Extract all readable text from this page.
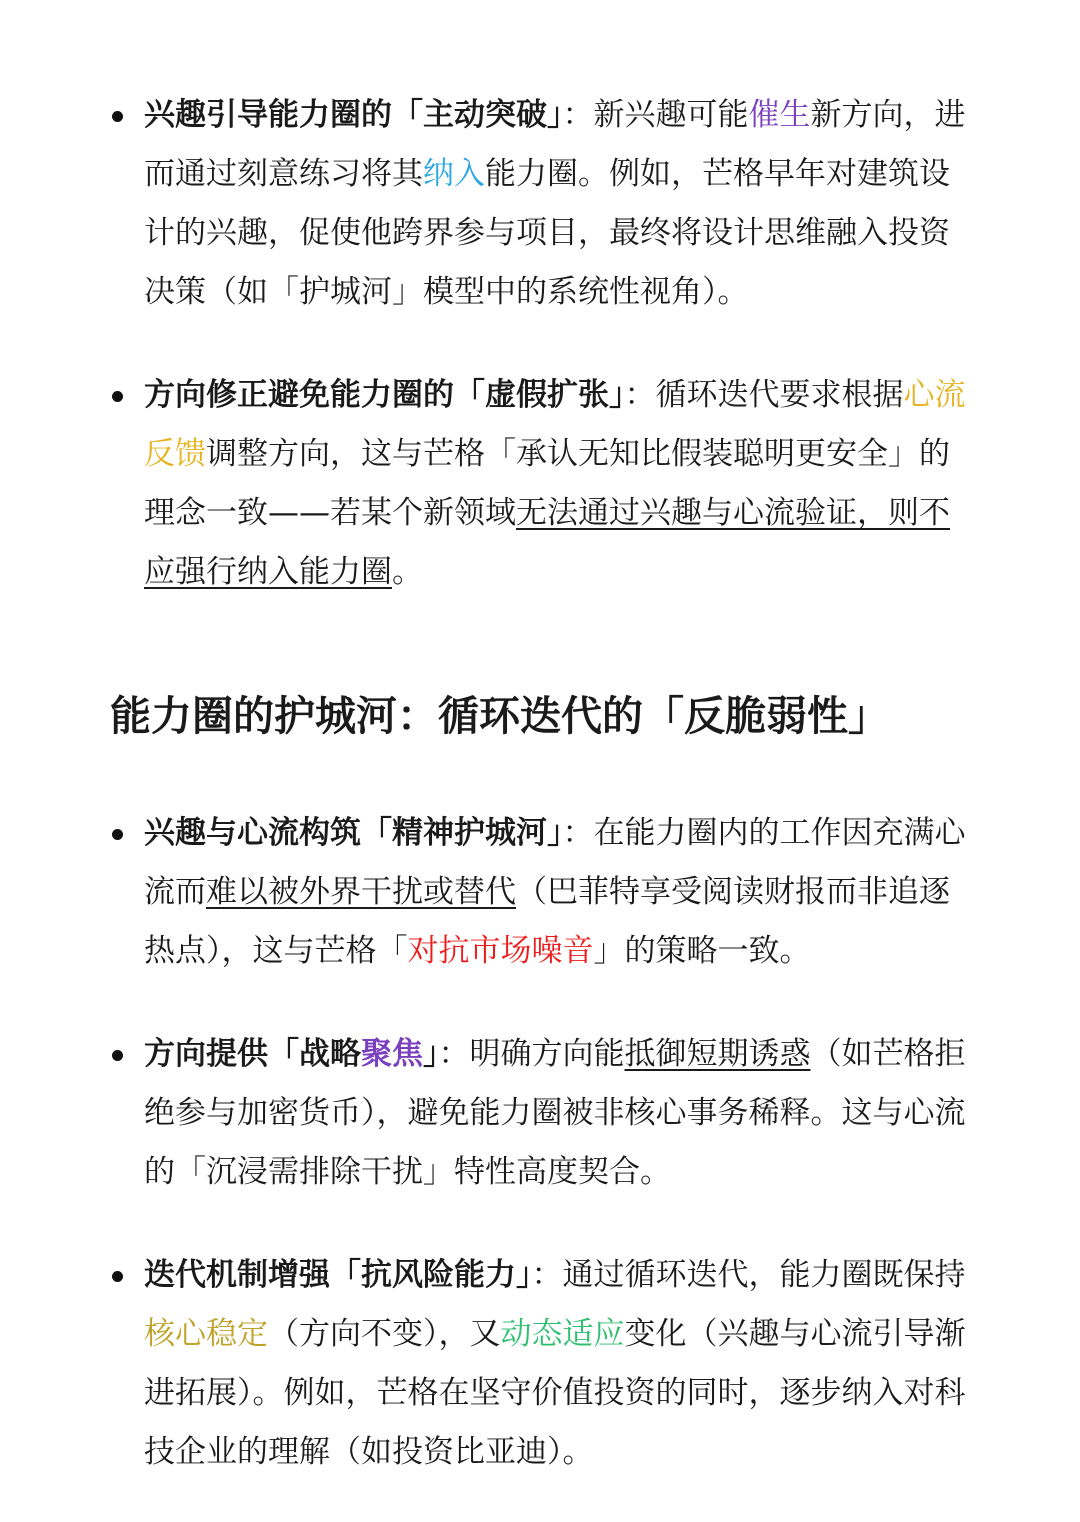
兴趣引导能力圈的「主动突破」：新兴趣可能催生新方向，进而通过刻意练习将其纳入能力圈。例如，芒格早年对建筑设计的兴趣，促使他跨界参与项目，最终将设计思维融入投资决策（如「护城河」模型中的系统性视角）。
方向修正避免能力圈的「虚假扩张」：循环迭代要求根据心流反馈调整方向，这与芒格「承认无知比假装聪明更安全」的理念一致——若某个新领域无法通过兴趣与心流验证，则不应强行纳入能力圈。
能力圈的护城河：循环迭代的「反脆弱性」
兴趣与心流构筑「精神护城河」：在能力圈内的工作因充满心流而难以被外界干扰或替代（巴菲特享受阅读财报而非追逐热点），这与芒格「对抗市场噪音」的策略一致。
方向提供「战略聚焦」：明确方向能抵御短期诱惑（如芒格拒绝参与加密货币），避免能力圈被非核心事务稀释。这与心流的「沉浸需排除干扰」特性高度契合。
迭代机制增强「抗风险能力」：通过循环迭代，能力圈既保持核心稳定（方向不变），又动态适应变化（兴趣与心流引导渐进拓展）。例如，芒格在坚守价值投资的同时，逐步纳入对科技企业的理解（如投资比亚迪）。
